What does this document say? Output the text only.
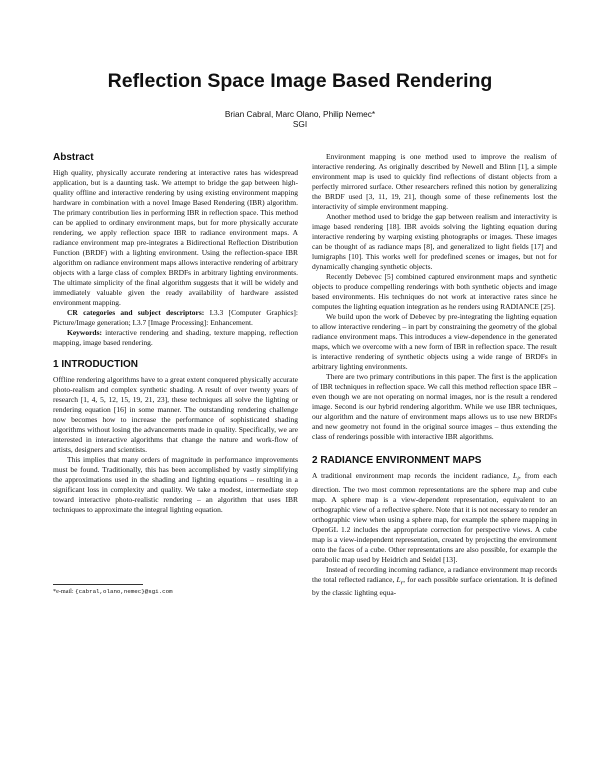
Reflection Space Image Based Rendering
Brian Cabral, Marc Olano, Philip Nemec*
SGI
Abstract

High quality, physically accurate rendering at interactive rates has widespread application, but is a daunting task. We attempt to bridge the gap between high-quality offline and interactive rendering by using existing environment mapping hardware in combination with a novel Image Based Rendering (IBR) algorithm. The primary contribution lies in performing IBR in reflection space. This method can be applied to ordinary environment maps, but for more physically accurate rendering, we apply reflection space IBR to radiance environment maps. A radiance environment map pre-integrates a Bidirectional Reflection Distribution Function (BRDF) with a lighting environment. Using the reflection-space IBR algorithm on radiance environment maps allows interactive rendering of arbitrary objects with a large class of complex BRDFs in arbitrary lighting environments. The ultimate simplicity of the final algorithm suggests that it will be widely and immediately valuable given the ready availability of hardware assisted environment mapping.

CR categories and subject descriptors: I.3.3 [Computer Graphics]: Picture/Image generation; I.3.7 [Image Processing]: Enhancement.

Keywords: interactive rendering and shading, texture mapping, reflection mapping, image based rendering.

1 INTRODUCTION

Offline rendering algorithms have to a great extent conquered physically accurate photo-realism and complex synthetic shading. A result of over twenty years of research [1, 4, 5, 12, 15, 19, 21, 23], these techniques all solve the lighting or rendering equation [16] in some manner. The outstanding rendering challenge now becomes how to increase the performance of sophisticated shading algorithms without losing the advancements made in quality. Specifically, we are interested in interactive algorithms that change the nature and work-flow of artists, designers and scientists.

This implies that many orders of magnitude in performance improvements must be found. Traditionally, this has been accomplished by vastly simplifying the approximations used in the shading and lighting equations – resulting in a significant loss in complexity and quality. We take a modest, intermediate step toward interactive photo-realistic rendering – an algorithm that uses IBR techniques to approximate the integral lighting equation.

*e-mail: {cabral,olano,nemec}@sgi.com

Environment mapping is one method used to improve the realism of interactive rendering. As originally described by Newell and Blinn [1], a simple environment map is used to quickly find reflections of distant objects from a perfectly mirrored surface. Other researchers refined this notion by generalizing the BRDF used [3, 11, 19, 21], though some of these refinements lost the interactivity of simple environment mapping.

Another method used to bridge the gap between realism and interactivity is image based rendering [18]. IBR avoids solving the lighting equation during interactive rendering by warping existing photographs or images. These images can be thought of as radiance maps [8], and generalized to light fields [17] and lumigraphs [10]. This works well for predefined scenes or images, but not for dynamically changing synthetic objects.

Recently Debevec [5] combined captured environment maps and synthetic objects to produce compelling renderings with both synthetic objects and image based environments. His techniques do not work at interactive rates since he computes the lighting equation integration as he renders using RADIANCE [25].

We build upon the work of Debevec by pre-integrating the lighting equation to allow interactive rendering – in part by constraining the geometry of the global radiance environment maps. This introduces a view-dependence in the generated maps, which we overcome with a new form of IBR in reflection space. The result is interactive rendering of synthetic objects using a wide range of BRDFs in arbitrary lighting environments.

There are two primary contributions in this paper. The first is the application of IBR techniques in reflection space. We call this method reflection space IBR – even though we are not operating on normal images, nor is the result a rendered image. Second is our hybrid rendering algorithm. While we use IBR techniques, our algorithm and the nature of environment maps allows us to use new BRDFs and new geometry not found in the original source images – thus extending the class of renderings possible with interactive IBR algorithms.

2 RADIANCE ENVIRONMENT MAPS

A traditional environment map records the incident radiance, $L_i$, from each direction. The two most common representations are the sphere map and cube map. A sphere map is a view-dependent representation, equivalent to an orthographic view of a reflective sphere. Note that it is not necessary to render an orthographic view when using a sphere map, for example the sphere mapping in OpenGL 1.2 includes the appropriate correction for perspective views. A cube map is a view-independent representation, created by projecting the environment onto the faces of a cube. Other representations are also possible, for example the parabolic map used by Heidrich and Seidel [13].

Instead of recording incoming radiance, a radiance environment map records the total reflected radiance, $L_r$, for each possible surface orientation. It is defined by the classic lighting equa-
